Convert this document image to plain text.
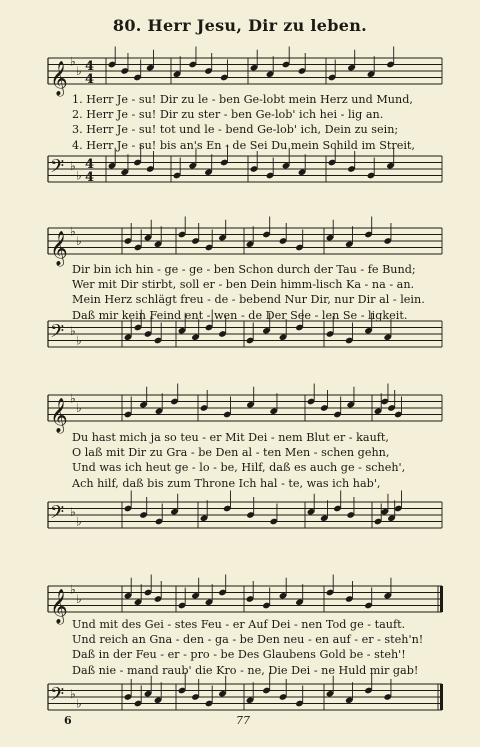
80. Herr Jesu, Dir zu leben.
𝄞 ♭
♭ 4
4
1. Herr Je - su! Dir zu le - ben Ge-lobt mein Herz und Mund,
2. Herr Je - su! Dir zu ster - ben Ge-lob' ich hei - lig an.
3. Herr Je - su! tot und le - bend Ge-lob' ich, Dein zu sein;
4. Herr Je - su! bis an's En - de Sei Du mein Schild im Streit,
𝄢 ♭
♭
4
4
𝄞 ♭
♭
Dir bin ich hin - ge - ge - ben Schon durch der Tau - fe Bund;
Wer mit Dir stirbt, soll er - ben Dein himm-lisch Ka - na - an.
Mein Herz schlägt freu - de - bebend Nur Dir, nur Dir al - lein.
Daß mir kein Feind ent - wen - de Der See - len Se - ligkeit.
𝄢 ♭
♭
𝄞 ♭
♭
Du hast mich ja so teu - er Mit Dei - nem Blut er - kauft,
O laß mit Dir zu Gra - be Den al - ten Men - schen gehn,
Und was ich heut ge - lo - be, Hilf, daß es auch ge - scheh',
Ach hilf, daß bis zum Throne Ich hal - te, was ich hab',
𝄢 ♭
♭
𝄞 ♭
♭
Und mit des Gei - stes Feu - er Auf Dei - nen Tod ge - tauft.
Und reich an Gna - den - ga - be Den neu - en auf - er - steh'n!
Daß in der Feu - er - pro - be Des Glaubens Gold be - steh'!
Daß nie - mand raub' die Kro - ne, Die Dei - ne Huld mir gab!
𝄢 ♭
♭
6	77
